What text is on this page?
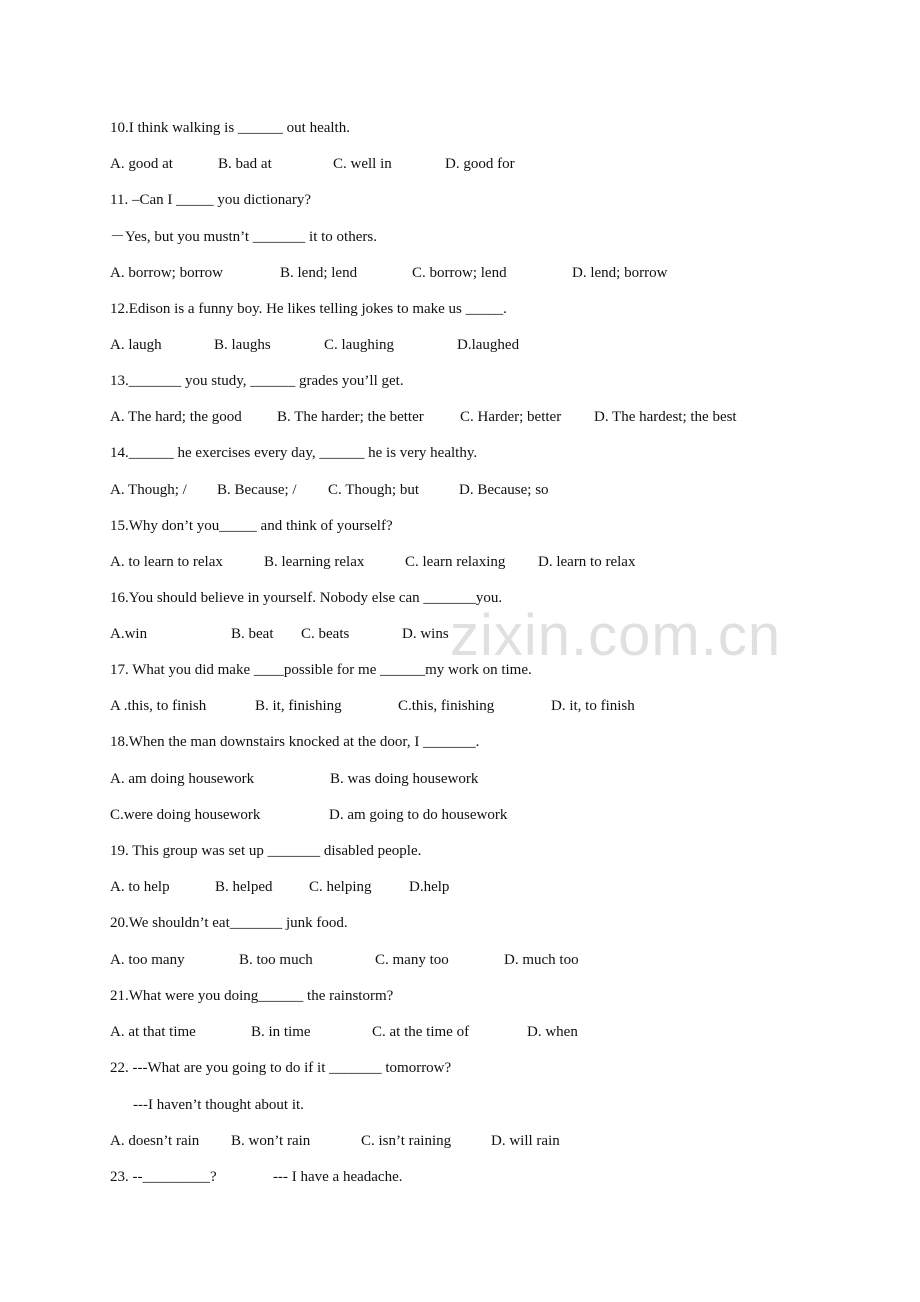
zixin.com.cn
10.I think walking is ______ out health.
A. good at	B. bad at	C. well in	D. good for
11. –Can I _____ you dictionary?
－Yes, but you mustn’t _______ it to others.
A. borrow; borrow	B. lend; lend	C. borrow; lend	D. lend; borrow
12.Edison is a funny boy. He likes telling jokes to make us _____.
A. laugh	B. laughs	C. laughing	D.laughed
13._______ you study, ______ grades you’ll get.
A. The hard; the good B. The harder; the better C. Harder; better D. The hardest; the best
14.______ he exercises every day, ______ he is very healthy.
A. Though; / B. Because; / C. Though; but	D. Because; so
15.Why don’t you_____ and think of yourself?
A. to learn to relax	B. learning relax	C. learn relaxing D. learn to relax
16.You should believe in yourself. Nobody else can _______you.
A.win	B. beat C. beats	D. wins
17. What you did make ____possible for me ______my work on time.
A .this, to finish	B. it, finishing	C.this, finishing	D. it, to finish
18.When the man downstairs knocked at the door, I _______.
A. am doing housework	B. was doing housework
C.were doing housework	D. am going to do housework
19. This group was set up _______ disabled people.
A. to help	B. helped C. helping	D.help
20.We shouldn’t eat_______ junk food.
A. too many	B. too much	C. many too	D. much too
21.What were you doing______ the rainstorm?
A. at that time	B. in time	C. at the time of	D. when
22. ---What are you going to do if it _______ tomorrow?
---I haven’t thought about it.
A. doesn’t rain B. won’t rain	C. isn’t raining	D. will rain
23. --_________?	--- I have a headache.
